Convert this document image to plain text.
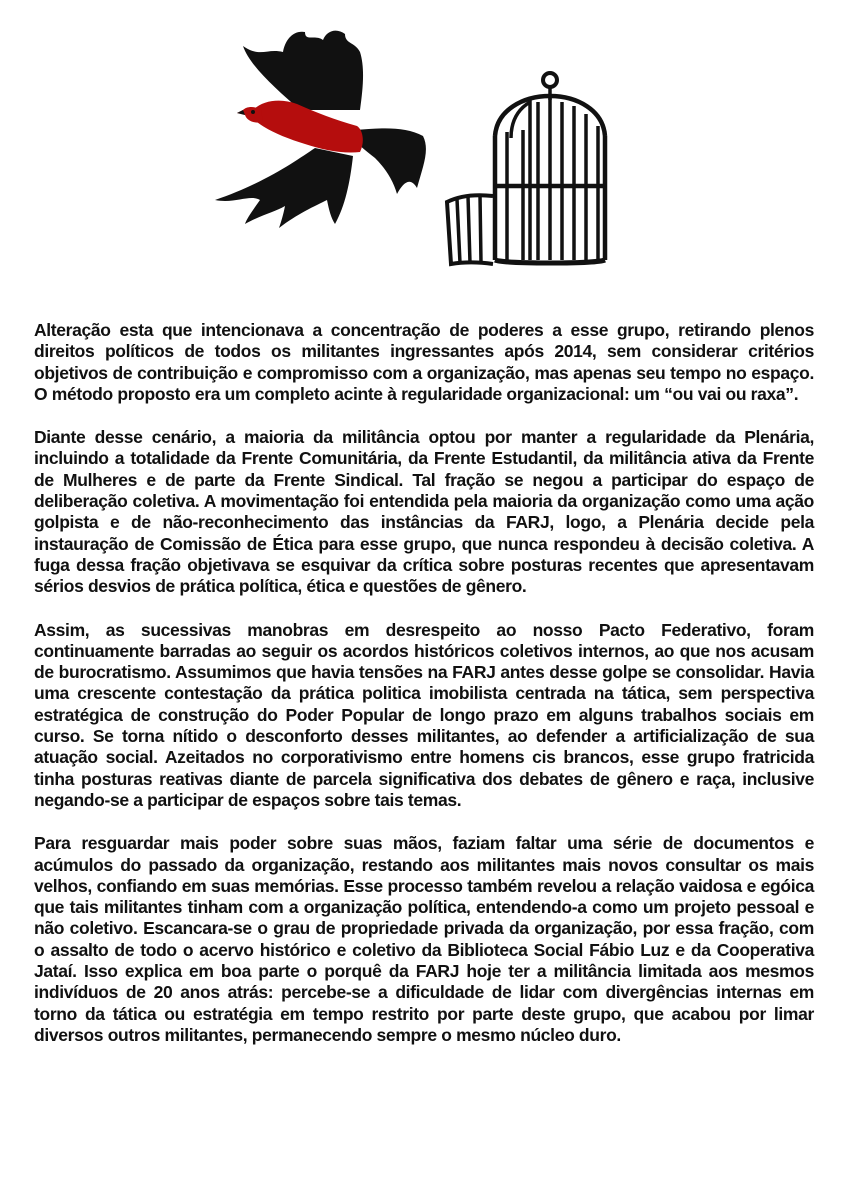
Alteração esta que intencionava a concentração de poderes a esse grupo, retirando plenos direitos políticos de todos os militantes ingressantes após 2014, sem considerar critérios objetivos de contribuição e compromisso com a organização, mas apenas seu tempo no espaço. O método proposto era um completo acinte à regularidade organizacional: um “ou vai ou raxa”.

Diante desse cenário, a maioria da militância optou por manter a regularidade da Plenária, incluindo a totalidade da Frente Comunitária, da Frente Estudantil, da militância ativa da Frente de Mulheres e de parte da Frente Sindical. Tal fração se negou a participar do espaço de deliberação coletiva. A movimentação foi entendida pela maioria da organização como uma ação golpista e de não-reconhecimento das instâncias da FARJ, logo, a Plenária decide pela instauração de Comissão de Ética para esse grupo, que nunca respondeu à decisão coletiva. A fuga dessa fração objetivava se esquivar da crítica sobre posturas recentes que apresentavam sérios desvios de prática política, ética e questões de gênero.

Assim, as sucessivas manobras em desrespeito ao nosso Pacto Federativo, foram continuamente barradas ao seguir os acordos históricos coletivos internos, ao que nos acusam de burocratismo. Assumimos que havia tensões na FARJ antes desse golpe se consolidar. Havia uma crescente contestação da prática politica imobilista centrada na tática, sem perspectiva estratégica de construção do Poder Popular de longo prazo em alguns trabalhos sociais em curso. Se torna nítido o desconforto desses militantes, ao defender a artificialização de sua atuação social. Azeitados no corporativismo entre homens cis brancos, esse grupo fratricida tinha posturas reativas diante de parcela significativa dos debates de gênero e raça, inclusive negando-se a participar de espaços sobre tais temas.

Para resguardar mais poder sobre suas mãos, faziam faltar uma série de documentos e acúmulos do passado da organização, restando aos militantes mais novos consultar os mais velhos, confiando em suas memórias. Esse processo também revelou a relação vaidosa e egóica que tais militantes tinham com a organização política, entendendo-a como um projeto pessoal e não coletivo. Escancara-se o grau de propriedade privada da organização, por essa fração, com o assalto de todo o acervo histórico e coletivo da Biblioteca Social Fábio Luz e da Cooperativa Jataí. Isso explica em boa parte o porquê da FARJ hoje ter a militância limitada aos mesmos indivíduos de 20 anos atrás: percebe-se a dificuldade de lidar com divergências internas em torno da tática ou estratégia em tempo restrito por parte deste grupo, que acabou por limar diversos outros militantes, permanecendo sempre o mesmo núcleo duro.
